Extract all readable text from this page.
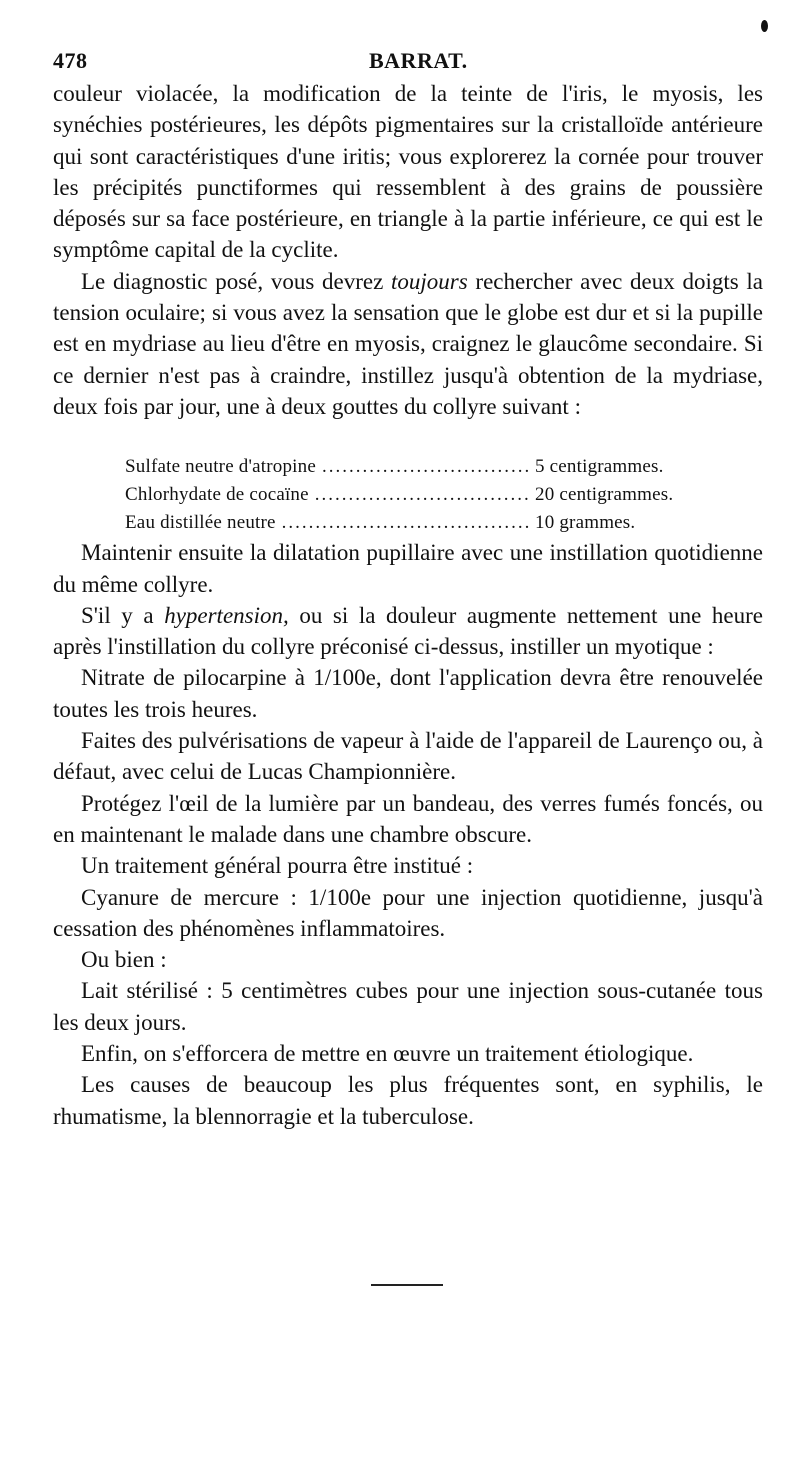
478	BARRAT.

couleur violacée, la modification de la teinte de l'iris, le myosis, les synéchies postérieures, les dépôts pigmentaires sur la cristalloïde antérieure qui sont caractéristiques d'une iritis; vous explorerez la cornée pour trouver les précipités punctiformes qui ressemblent à des grains de poussière déposés sur sa face postérieure, en triangle à la partie inférieure, ce qui est le symptôme capital de la cyclite.

Le diagnostic posé, vous devrez toujours rechercher avec deux doigts la tension oculaire; si vous avez la sensation que le globe est dur et si la pupille est en mydriase au lieu d'être en myosis, craignez le glaucôme secondaire. Si ce dernier n'est pas à craindre, instillez jusqu'à obtention de la mydriase, deux fois par jour, une à deux gouttes du collyre suivant :

Sulfate neutre d'atropine .....	5 centigrammes.
Chlorhydate de cocaïne .....	20 centigrammes.
Eau distillée neutre .....	10 grammes.

Maintenir ensuite la dilatation pupillaire avec une instillation quotidienne du même collyre.

S'il y a hypertension, ou si la douleur augmente nettement une heure après l'instillation du collyre préconisé ci-dessus, instiller un myotique :

Nitrate de pilocarpine à 1/100e, dont l'application devra être renouvelée toutes les trois heures.

Faites des pulvérisations de vapeur à l'aide de l'appareil de Laurenço ou, à défaut, avec celui de Lucas Championnière.

Protégez l'œil de la lumière par un bandeau, des verres fumés foncés, ou en maintenant le malade dans une chambre obscure.

Un traitement général pourra être institué :

Cyanure de mercure : 1/100e pour une injection quotidienne, jusqu'à cessation des phénomènes inflammatoires.

Ou bien :

Lait stérilisé : 5 centimètres cubes pour une injection sous-cutanée tous les deux jours.

Enfin, on s'efforcera de mettre en œuvre un traitement étiologique.

Les causes de beaucoup les plus fréquentes sont, en syphilis, le rhumatisme, la blennorragie et la tuberculose.
